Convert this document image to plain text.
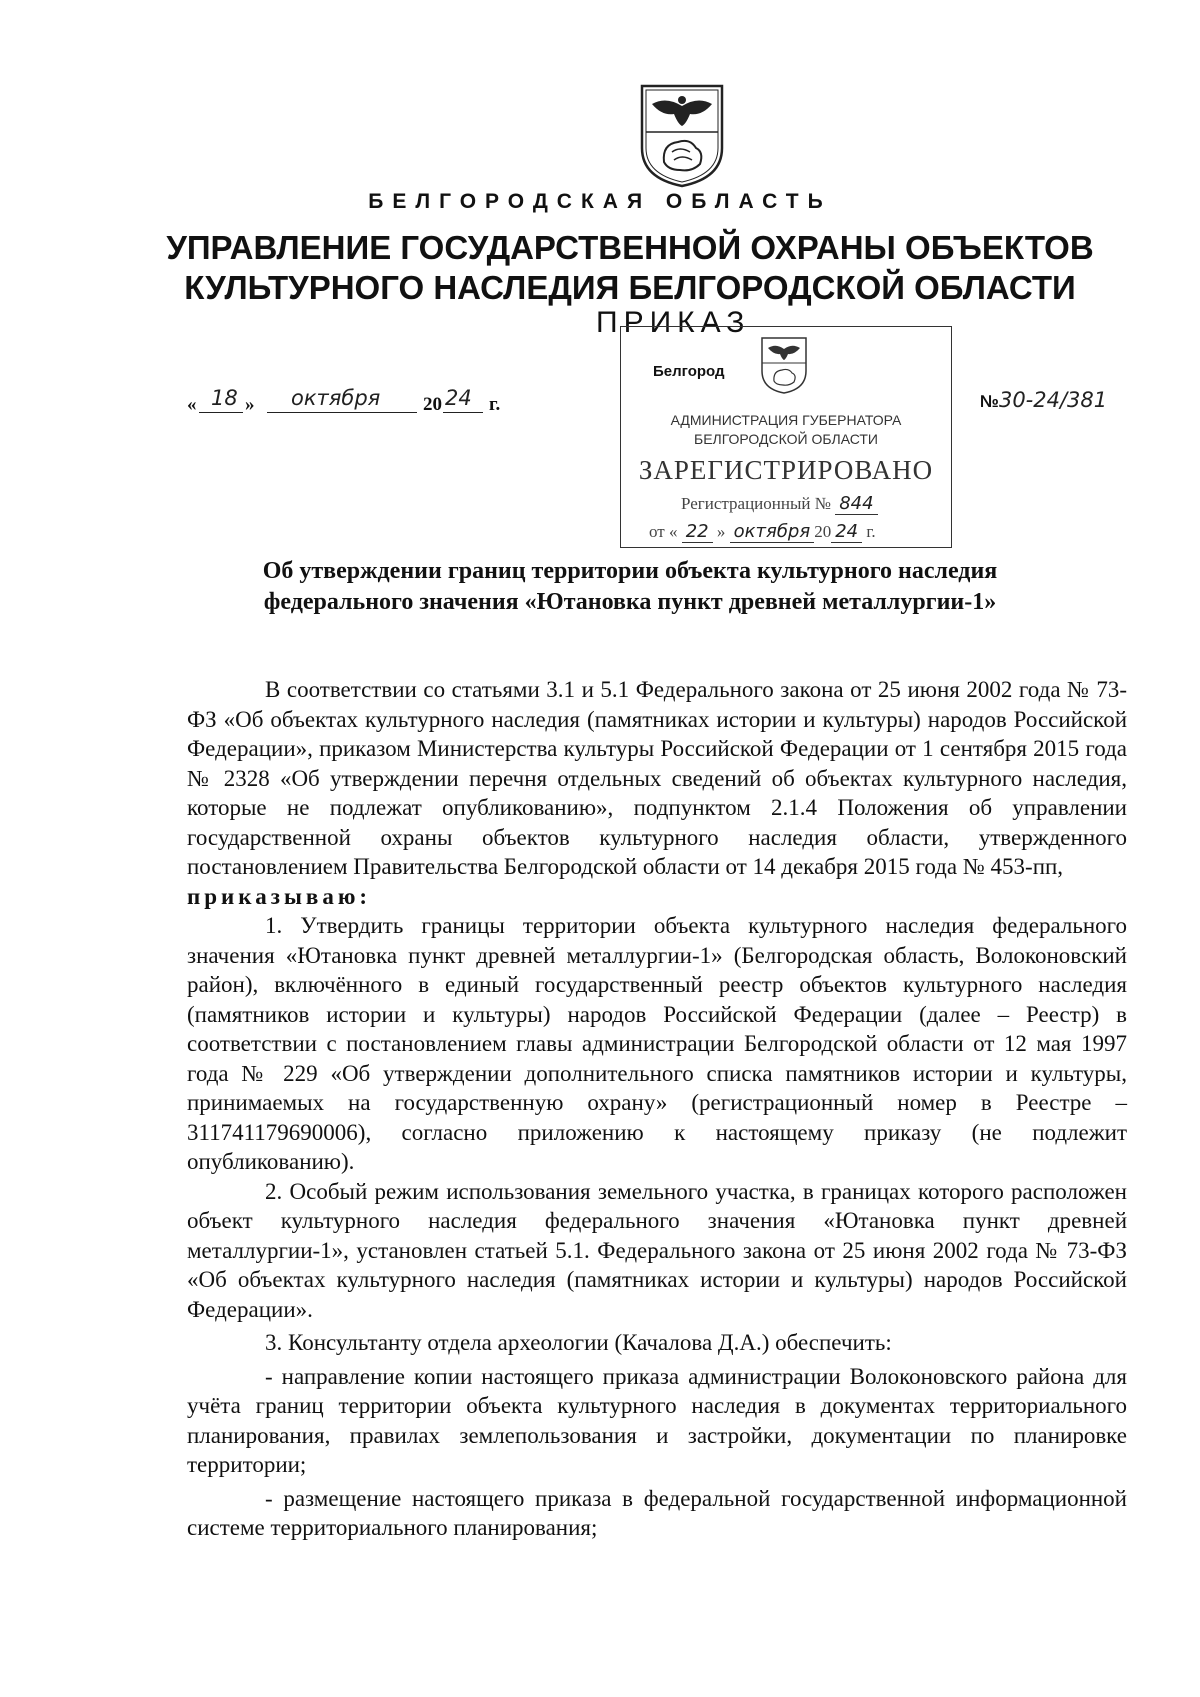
БЕЛГОРОДСКАЯ ОБЛАСТЬ
УПРАВЛЕНИЕ ГОСУДАРСТВЕННОЙ ОХРАНЫ ОБЪЕКТОВ
КУЛЬТУРНОГО НАСЛЕДИЯ БЕЛГОРОДСКОЙ ОБЛАСТИ
ПРИКАЗ
« 18 » октября 20 24 г.
Белгород
АДМИНИСТРАЦИЯ ГУБЕРНАТОРА
БЕЛГОРОДСКОЙ ОБЛАСТИ
ЗАРЕГИСТРИРОВАНО
Регистрационный № 844
от « 22 » октября 20 24 г.
№30-24/381
Об утверждении границ территории объекта культурного наследия
федерального значения «Ютановка пункт древней металлургии-1»

В соответствии со статьями 3.1 и 5.1 Федерального закона от 25 июня 2002 года № 73-ФЗ «Об объектах культурного наследия (памятниках истории и культуры) народов Российской Федерации», приказом Министерства культуры Российской Федерации от 1 сентября 2015 года № 2328 «Об утверждении перечня отдельных сведений об объектах культурного наследия, которые не подлежат опубликованию», подпунктом 2.1.4 Положения об управлении государственной охраны объектов культурного наследия области, утвержденного постановлением Правительства Белгородской области от 14 декабря 2015 года № 453-пп,

приказываю:

1. Утвердить границы территории объекта культурного наследия федерального значения «Ютановка пункт древней металлургии-1» (Белгородская область, Волоконовский район), включённого в единый государственный реестр объектов культурного наследия (памятников истории и культуры) народов Российской Федерации (далее – Реестр) в соответствии с постановлением главы администрации Белгородской области от 12 мая 1997 года № 229 «Об утверждении дополнительного списка памятников истории и культуры, принимаемых на государственную охрану» (регистрационный номер в Реестре – 311741179690006), согласно приложению к настоящему приказу (не подлежит опубликованию).

2. Особый режим использования земельного участка, в границах которого расположен объект культурного наследия федерального значения «Ютановка пункт древней металлургии-1», установлен статьей 5.1. Федерального закона от 25 июня 2002 года № 73-ФЗ «Об объектах культурного наследия (памятниках истории и культуры) народов Российской Федерации».

3. Консультанту отдела археологии (Качалова Д.А.) обеспечить:

- направление копии настоящего приказа администрации Волоконовского района для учёта границ территории объекта культурного наследия в документах территориального планирования, правилах землепользования и застройки, документации по планировке территории;

- размещение настоящего приказа в федеральной государственной информационной системе территориального планирования;
